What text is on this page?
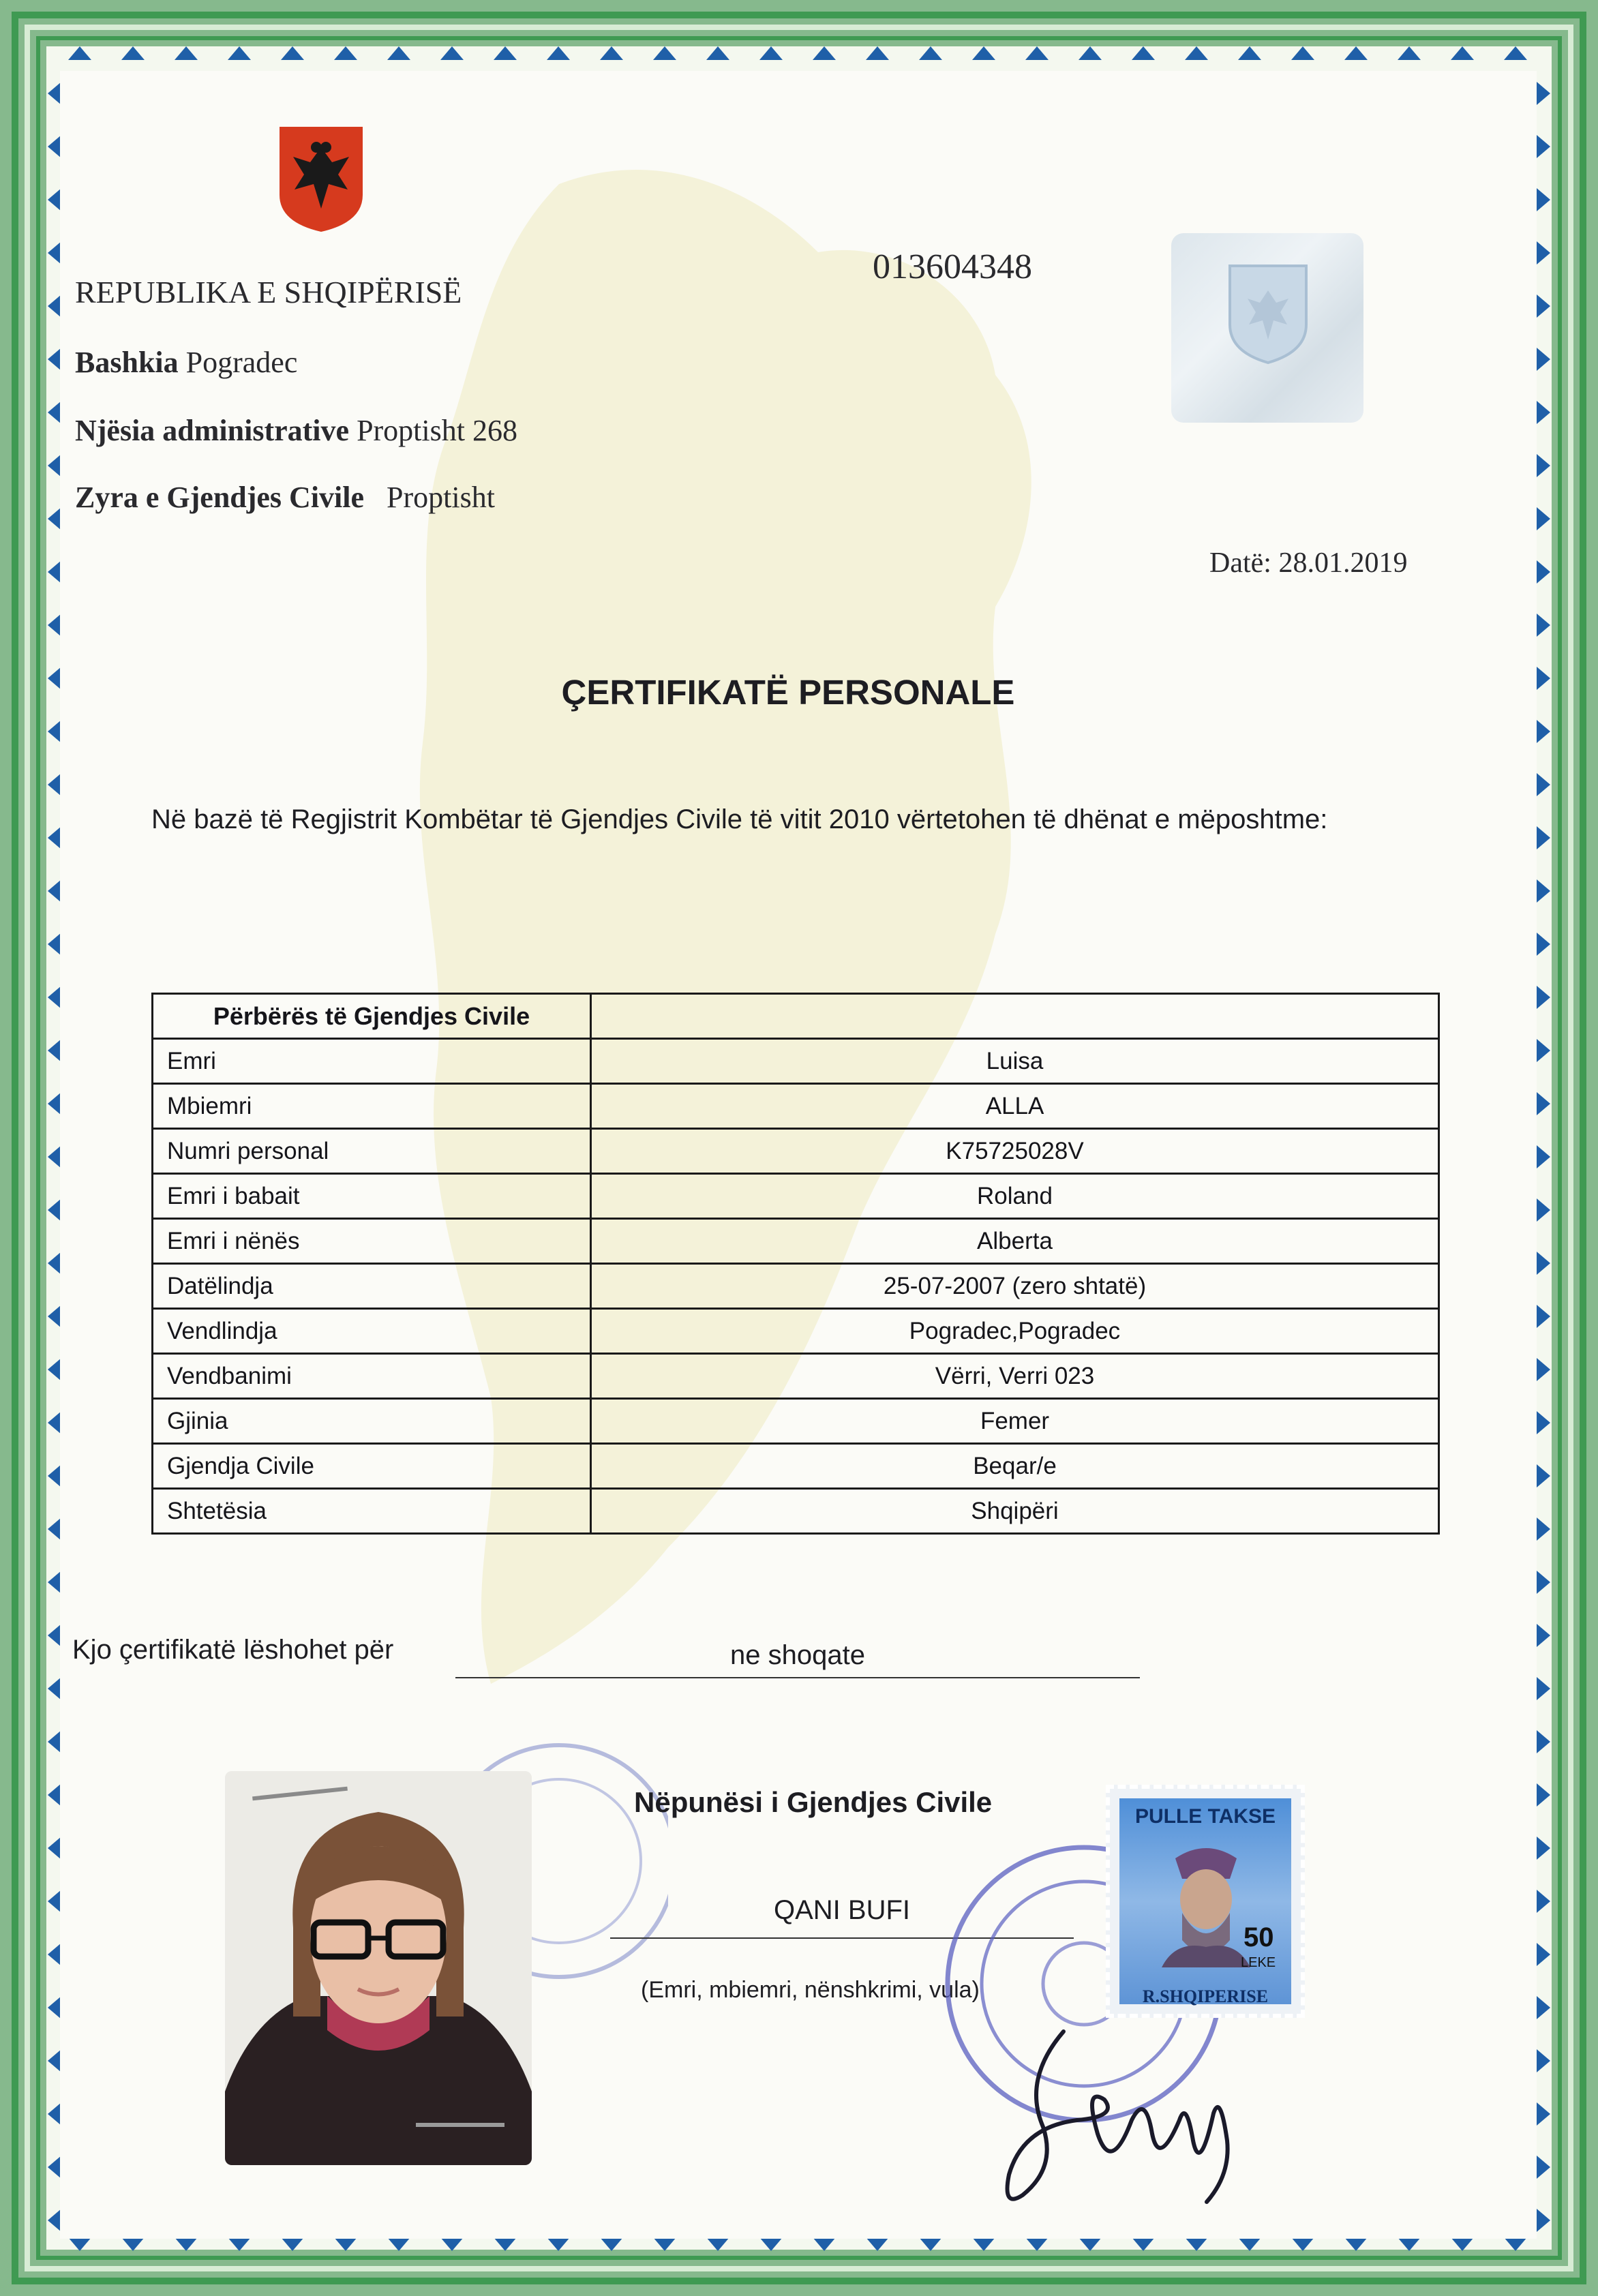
REPUBLIKA E SHQIPËRISË

Bashkia Pogradec

Njësia administrative Proptisht 268

Zyra e Gjendjes Civile Proptisht

013604348

Datë: 28.01.2019

ÇERTIFIKATË PERSONALE

Në bazë të Regjistrit Kombëtar të Gjendjes Civile të vitit 2010 vërtetohen të dhënat e mëposhtme:

Përbërës të Gjendjes Civile	
Emri	Luisa
Mbiemri	ALLA
Numri personal	K75725028V
Emri i babait	Roland
Emri i nënës	Alberta
Datëlindja	25-07-2007 (zero shtatë)
Vendlindja	Pogradec,Pogradec
Vendbanimi	Vërri, Verri 023
Gjinia	Femer
Gjendja Civile	Beqar/e
Shtetësia	Shqipëri

Kjo çertifikatë lëshohet për	ne shoqate

Nëpunësi i Gjendjes Civile

QANI BUFI

(Emri, mbiemri, nënshkrimi, vula)

PULLE TAKSE

50

LEKE

R.SHQIPERISE
